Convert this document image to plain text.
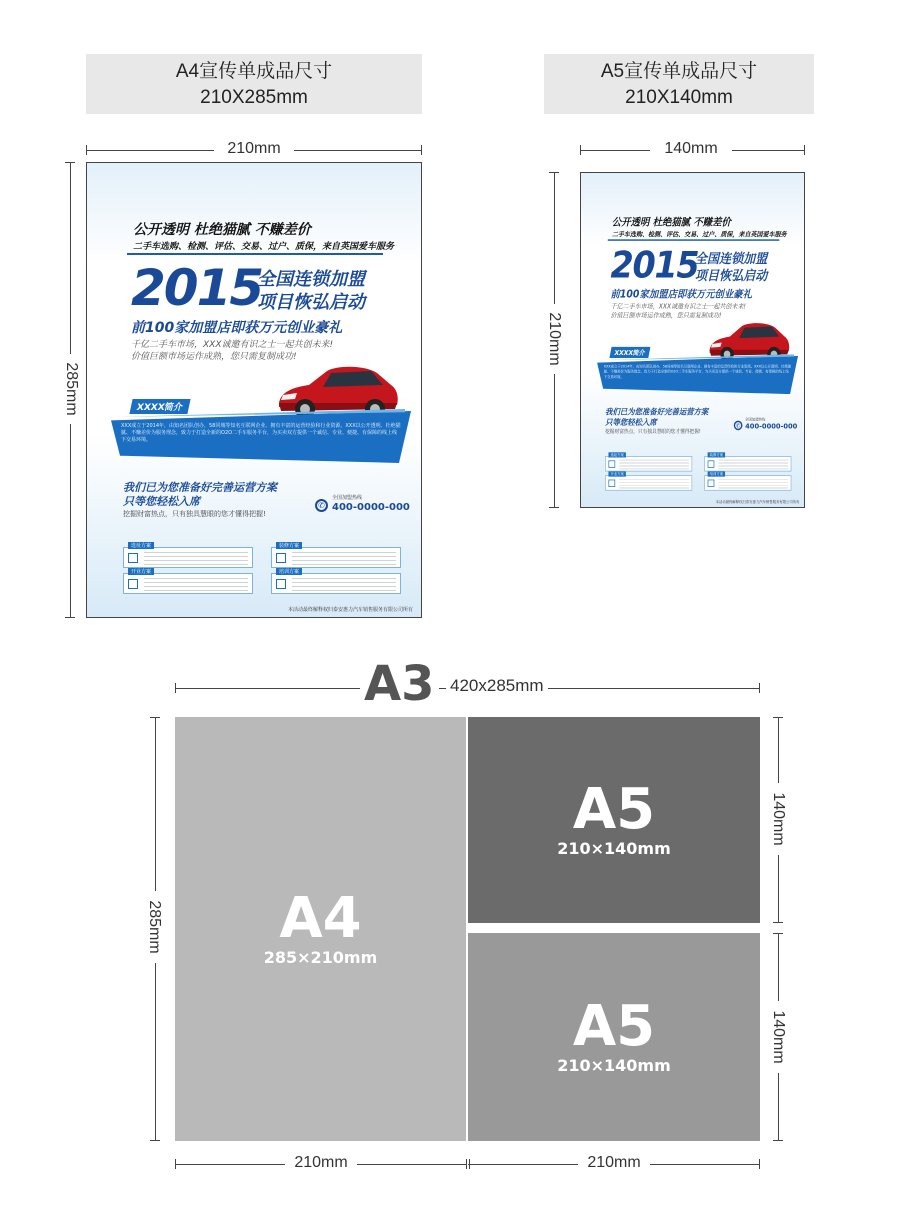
A4宣传单成品尺寸
210X285mm
A5宣传单成品尺寸
210X140mm
210mm
285mm
公开透明 杜绝猫腻 不赚差价
二手车选购、检测、评估、交易、过户、质保，来自英国爱车服务
2015
全国连锁加盟
项目恢弘启动
前100家加盟店即获万元创业豪礼
千亿二手车市场，XXX诚邀有识之士一起共创未来!
价值巨额市场运作成熟，您只需复制成功!
XXXX简介
XXX成立于2014年，由知名团队创办，58同城等知名互联网企业、拥有丰富的运营经验和行业资源。XXX以公开透明、杜绝猫腻、不赚差价为服务理念，致力于打造全新的O2O二手车服务平台，为买卖双方提供一个诚信、专业、便捷、有保障的线上线下交易环境。
我们已为您准备好完善运营方案
只等您轻松入席
挖掘财富热点，只有独具慧眼的您才懂得把握!
✆
全国加盟热线
400-0000-000
选址方案	装修方案
开业方案	培训方案
本活动最终解释权归泰安惠力汽车销售服务有限公司所有
140mm
210mm
公开透明 杜绝猫腻 不赚差价
二手车选购、检测、评估、交易、过户、质保，来自英国爱车服务
2015
全国连锁加盟
项目恢弘启动
前100家加盟店即获万元创业豪礼
千亿二手车市场，XXX诚邀有识之士一起共创未来!
价值巨额市场运作成熟，您只需复制成功!
XXXX简介
XXX成立于2014年，由知名团队创办，58同城等知名互联网企业、拥有丰富的运营经验和行业资源。XXX以公开透明、杜绝猫腻、不赚差价为服务理念，致力于打造全新的O2O二手车服务平台，为买卖双方提供一个诚信、专业、便捷、有保障的线上线下交易环境。
我们已为您准备好完善运营方案
只等您轻松入席
挖掘财富热点，只有独具慧眼的您才懂得把握!
✆
全国加盟热线
400-0000-000
选址方案	装修方案
开业方案	培训方案
本活动最终解释权归泰安惠力汽车销售服务有限公司所有
A3 420x285mm
285mm A4
285×210mm
A5
210×140mm
A5
210×140mm
140mm
140mm
210mm	210mm
